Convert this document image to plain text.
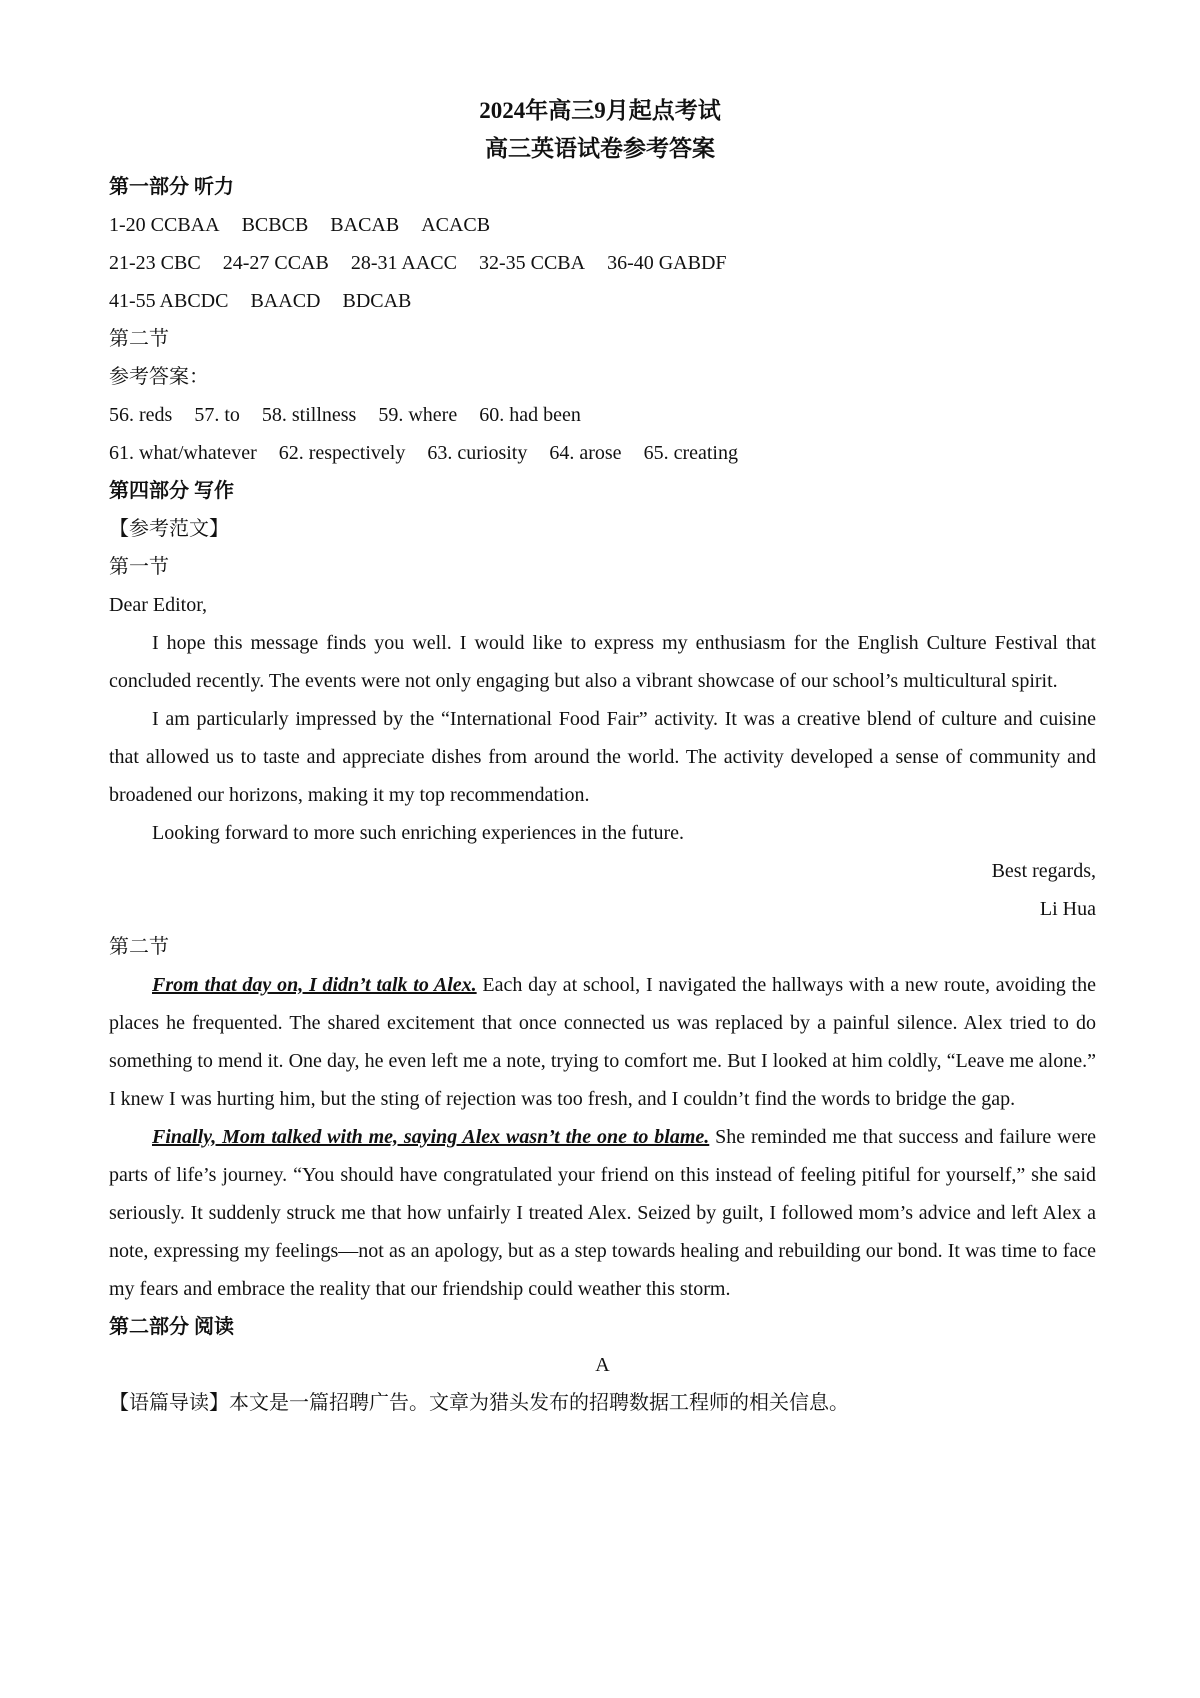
2024年高三9月起点考试

高三英语试卷参考答案

第一部分 听力

1-20 CCBAA BCBCB BACAB ACACB

21-23 CBC 24-27 CCAB 28-31 AACC 32-35 CCBA 36-40 GABDF

41-55 ABCDC BAACD BDCAB

第二节

参考答案：

56. reds 57. to 58. stillness 59. where 60. had been

61. what/whatever 62. respectively 63. curiosity 64. arose 65. creating

第四部分 写作

【参考范文】

第一节

Dear Editor,

I hope this message finds you well. I would like to express my enthusiasm for the English Culture Festival that concluded recently. The events were not only engaging but also a vibrant showcase of our school’s multicultural spirit.

I am particularly impressed by the “International Food Fair” activity. It was a creative blend of culture and cuisine that allowed us to taste and appreciate dishes from around the world. The activity developed a sense of community and broadened our horizons, making it my top recommendation.

Looking forward to more such enriching experiences in the future.

Best regards,

Li Hua

第二节

From that day on, I didn’t talk to Alex. Each day at school, I navigated the hallways with a new route, avoiding the places he frequented. The shared excitement that once connected us was replaced by a painful silence. Alex tried to do something to mend it. One day, he even left me a note, trying to comfort me. But I looked at him coldly, “Leave me alone.” I knew I was hurting him, but the sting of rejection was too fresh, and I couldn’t find the words to bridge the gap.

Finally, Mom talked with me, saying Alex wasn’t the one to blame. She reminded me that success and failure were parts of life’s journey. “You should have congratulated your friend on this instead of feeling pitiful for yourself,” she said seriously. It suddenly struck me that how unfairly I treated Alex. Seized by guilt, I followed mom’s advice and left Alex a note, expressing my feelings—not as an apology, but as a step towards healing and rebuilding our bond. It was time to face my fears and embrace the reality that our friendship could weather this storm.

第二部分 阅读

A

【语篇导读】本文是一篇招聘广告。文章为猎头发布的招聘数据工程师的相关信息。
